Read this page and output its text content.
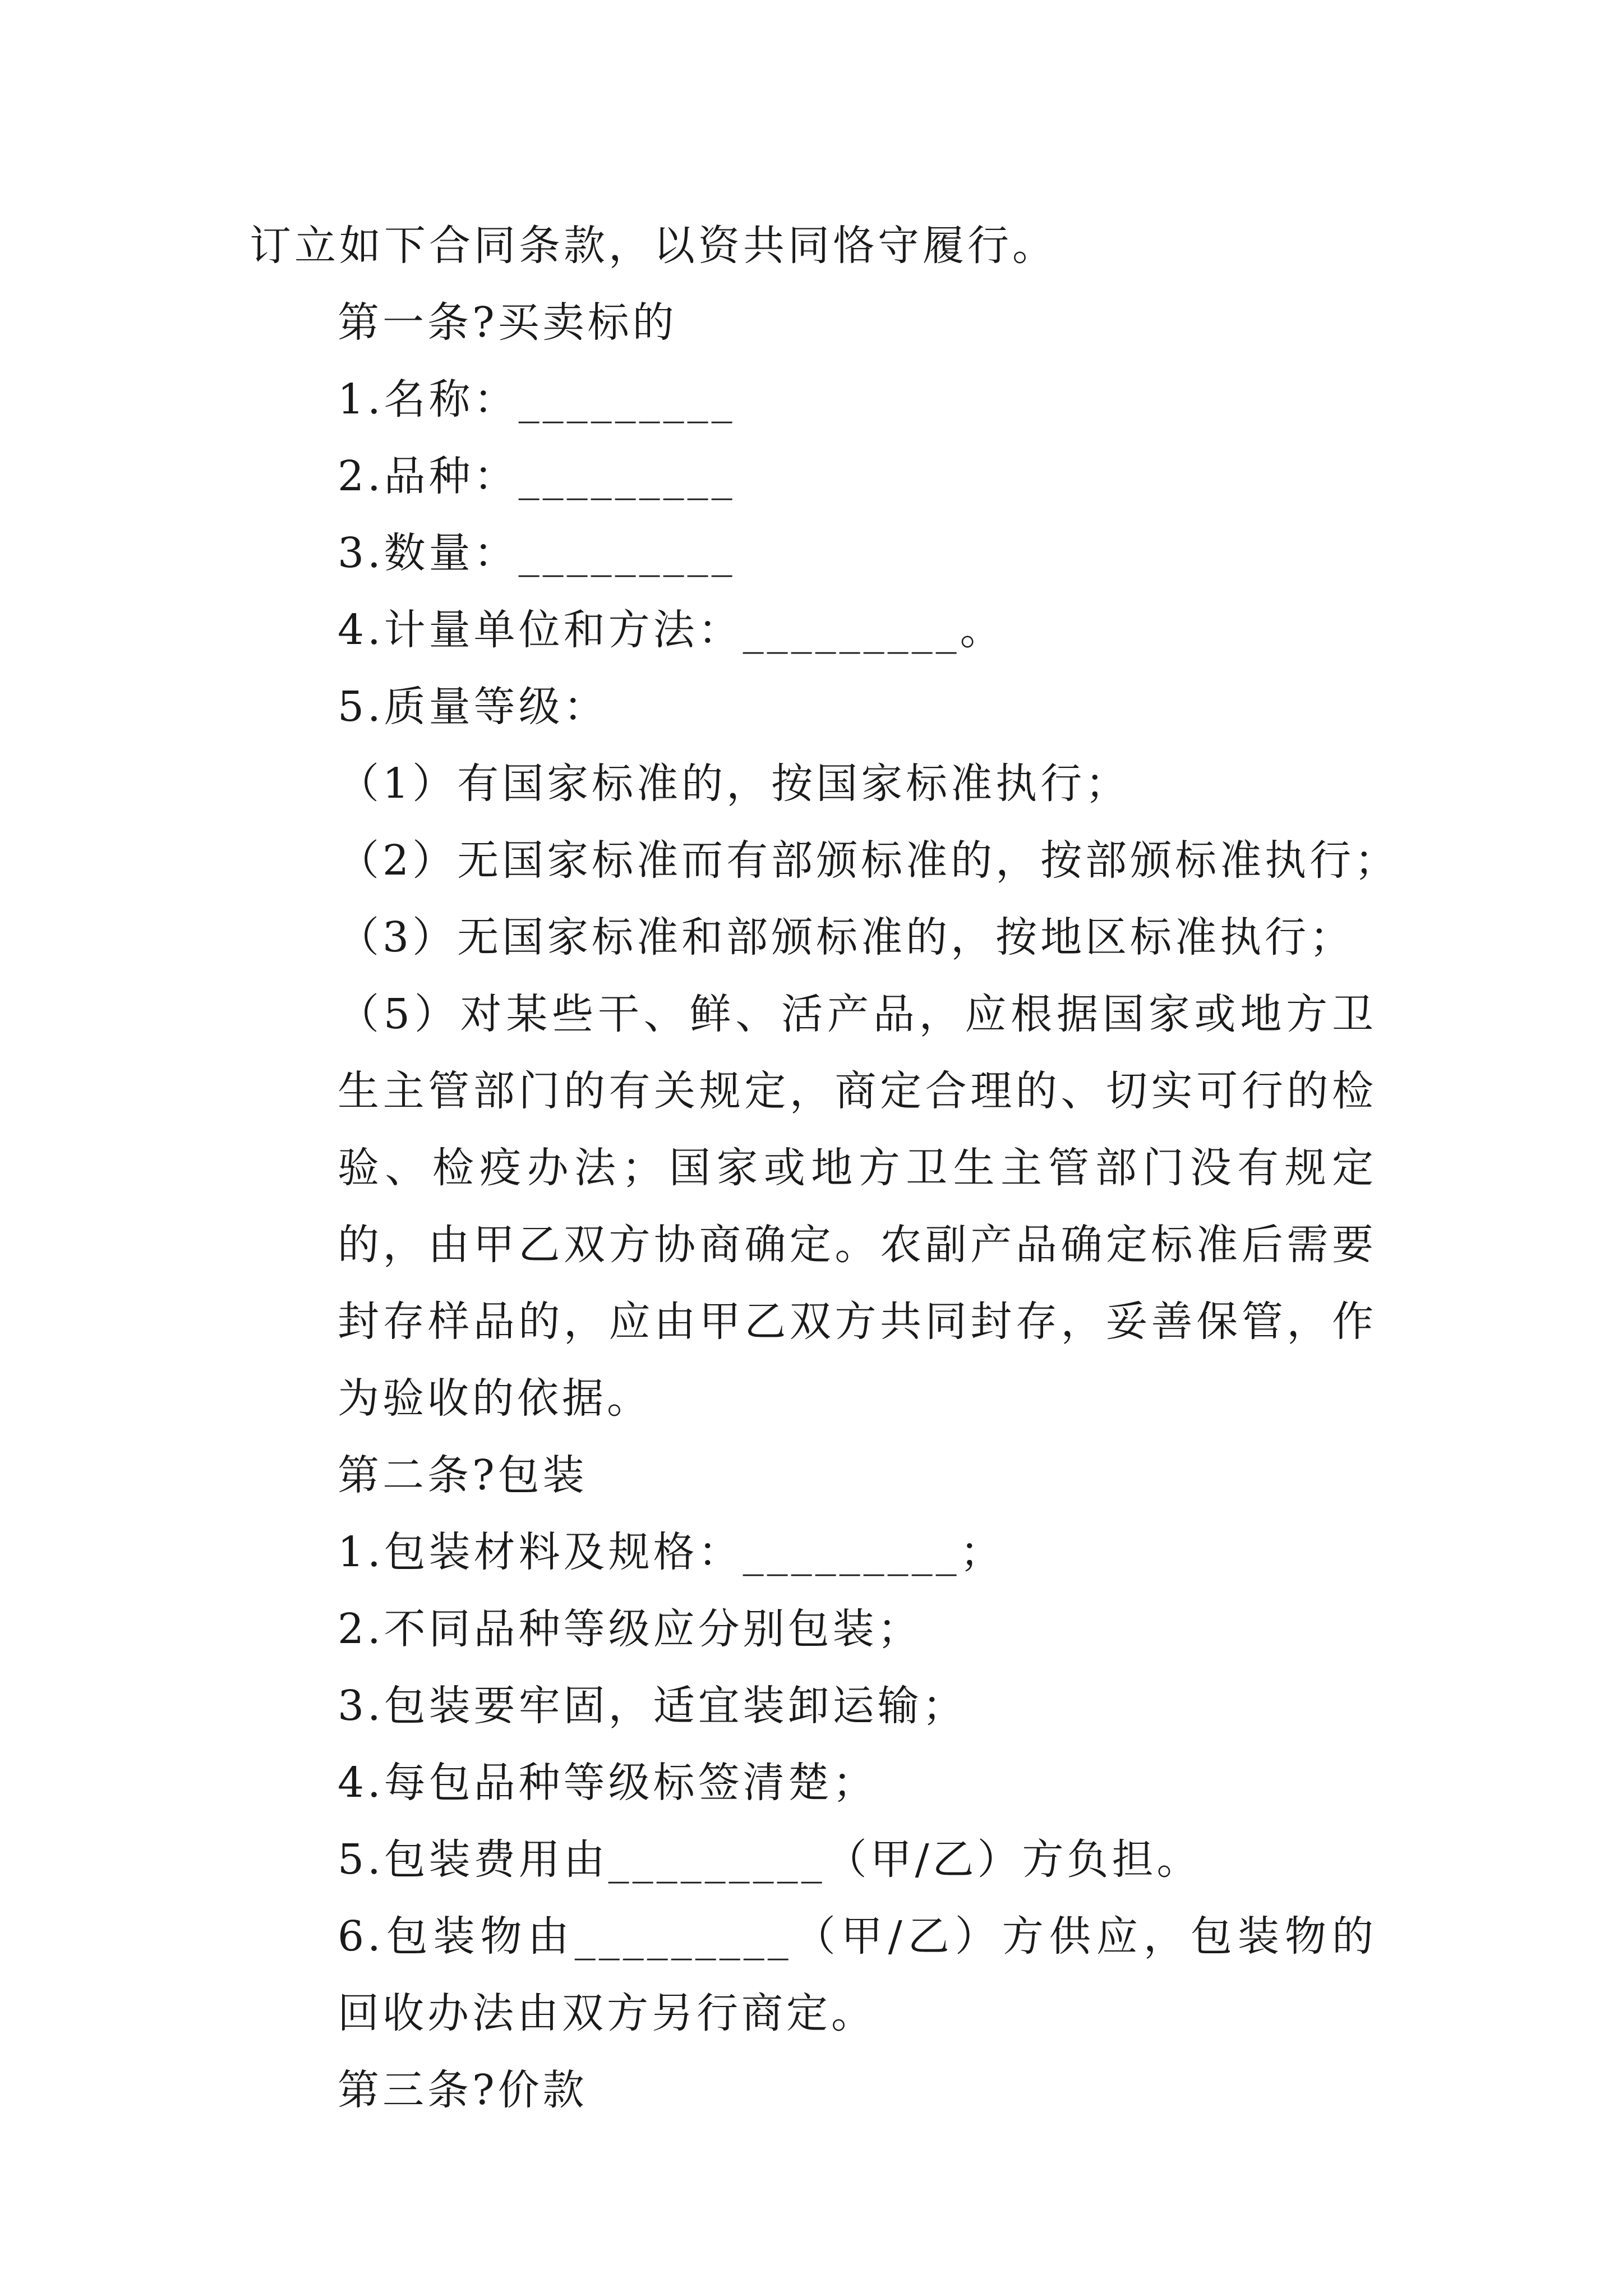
订立如下合同条款，以资共同恪守履行。

第一条?买卖标的

1.名称：_________

2.品种：_________

3.数量：_________

4.计量单位和方法：_________。

5.质量等级：

（1）有国家标准的，按国家标准执行；

（2）无国家标准而有部颁标准的，按部颁标准执行；

（3）无国家标准和部颁标准的，按地区标准执行；

（5）对某些干、鲜、活产品，应根据国家或地方卫生主管部门的有关规定，商定合理的、切实可行的检验、检疫办法；国家或地方卫生主管部门没有规定的，由甲乙双方协商确定。农副产品确定标准后需要封存样品的，应由甲乙双方共同封存，妥善保管，作为验收的依据。

第二条?包装

1.包装材料及规格：_________；

2.不同品种等级应分别包装；

3.包装要牢固，适宜装卸运输；

4.每包品种等级标签清楚；

5.包装费用由_________（甲/乙）方负担。

6.包装物由_________（甲/乙）方供应，包装物的回收办法由双方另行商定。

第三条?价款
